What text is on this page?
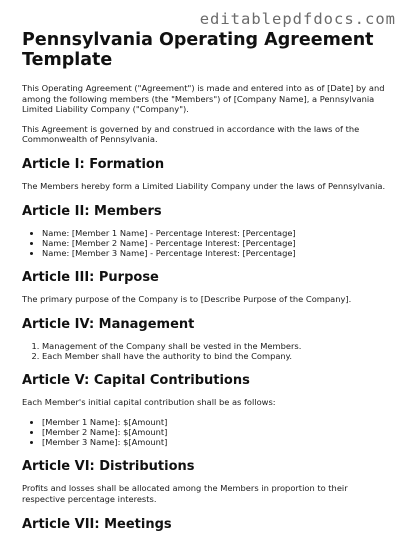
editablepdfdocs.com
Pennsylvania Operating Agreement Template

This Operating Agreement ("Agreement") is made and entered into as of [Date] by and among the following members (the "Members") of [Company Name], a Pennsylvania Limited Liability Company ("Company").

This Agreement is governed by and construed in accordance with the laws of the Commonwealth of Pennsylvania.

Article I: Formation

The Members hereby form a Limited Liability Company under the laws of Pennsylvania.

Article II: Members
• Name: [Member 1 Name] - Percentage Interest: [Percentage]
• Name: [Member 2 Name] - Percentage Interest: [Percentage]
• Name: [Member 3 Name] - Percentage Interest: [Percentage]
Article III: Purpose

The primary purpose of the Company is to [Describe Purpose of the Company].

Article IV: Management
1. Management of the Company shall be vested in the Members.
2. Each Member shall have the authority to bind the Company.
Article V: Capital Contributions

Each Member's initial capital contribution shall be as follows:

• [Member 1 Name]: $[Amount]
• [Member 2 Name]: $[Amount]
• [Member 3 Name]: $[Amount]
Article VI: Distributions

Profits and losses shall be allocated among the Members in proportion to their respective percentage interests.

Article VII: Meetings
